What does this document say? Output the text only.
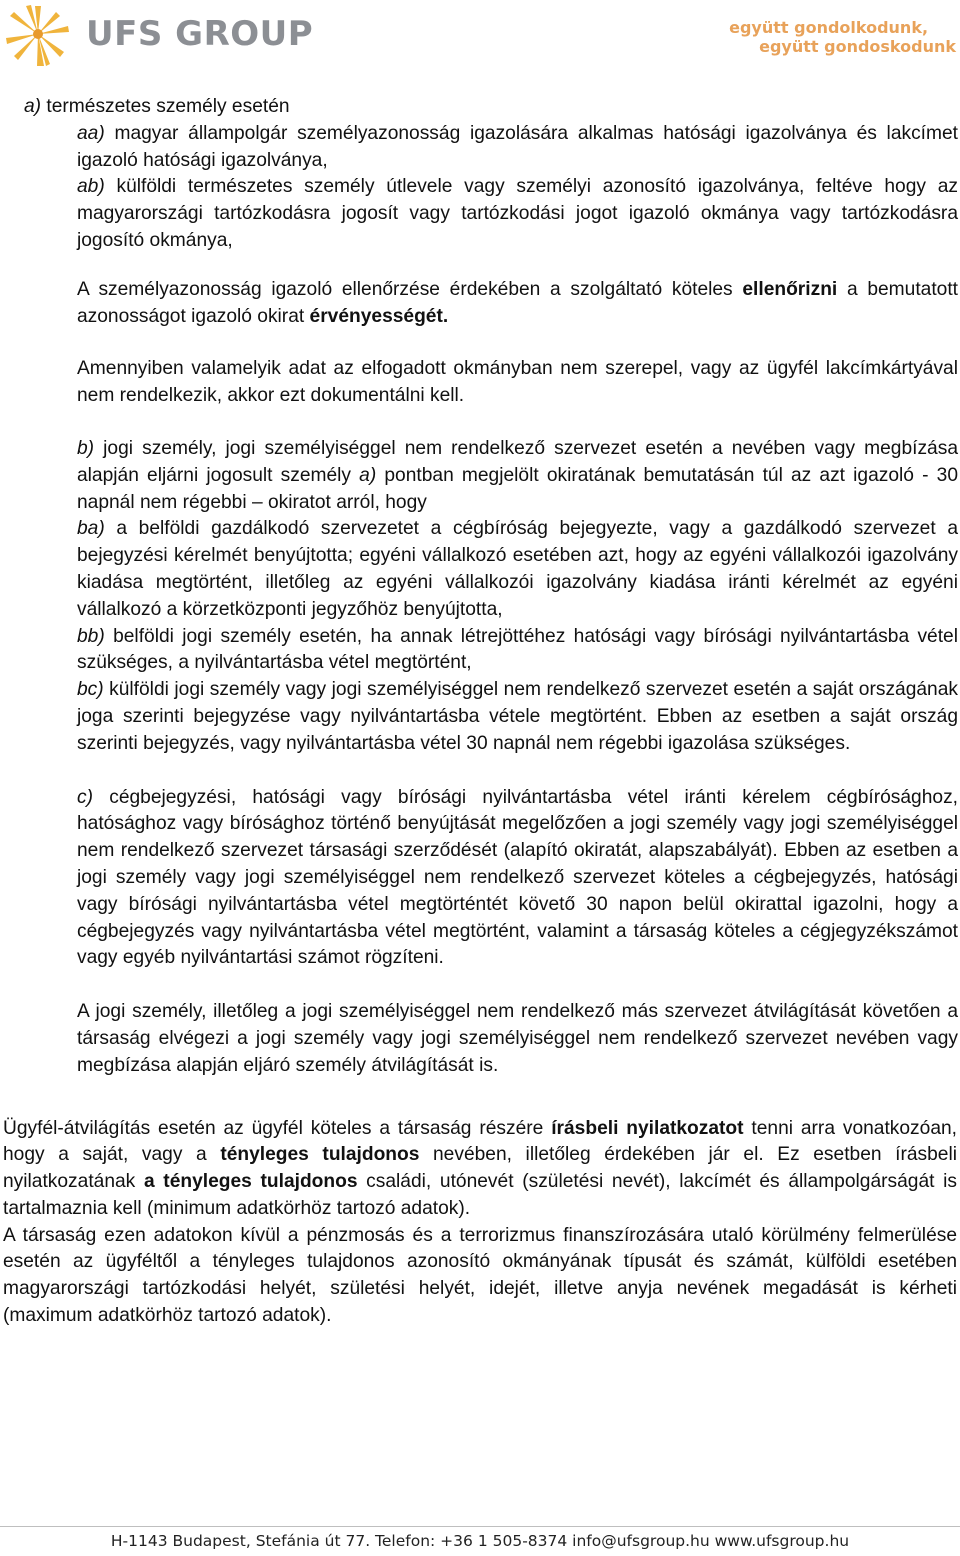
UFS GROUP	együtt gondolkodunk,
együtt gondoskodunk

a) természetes személy esetén

aa) magyar állampolgár személyazonosság igazolására alkalmas hatósági igazolványa és lakcímet igazoló hatósági igazolványa,

ab) külföldi természetes személy útlevele vagy személyi azonosító igazolványa, feltéve hogy az magyarországi tartózkodásra jogosít vagy tartózkodási jogot igazoló okmánya vagy tartózkodásra jogosító okmánya,

A személyazonosság igazoló ellenőrzése érdekében a szolgáltató köteles ellenőrizni a bemutatott azonosságot igazoló okirat érvényességét.

Amennyiben valamelyik adat az elfogadott okmányban nem szerepel, vagy az ügyfél lakcímkártyával nem rendelkezik, akkor ezt dokumentálni kell.

b) jogi személy, jogi személyiséggel nem rendelkező szervezet esetén a nevében vagy megbízása alapján eljárni jogosult személy a) pontban megjelölt okiratának bemutatásán túl az azt igazoló - 30 napnál nem régebbi – okiratot arról, hogy

ba) a belföldi gazdálkodó szervezetet a cégbíróság bejegyezte, vagy a gazdálkodó szervezet a bejegyzési kérelmét benyújtotta; egyéni vállalkozó esetében azt, hogy az egyéni vállalkozói igazolvány kiadása megtörtént, illetőleg az egyéni vállalkozói igazolvány kiadása iránti kérelmét az egyéni vállalkozó a körzetközponti jegyzőhöz benyújtotta,

bb) belföldi jogi személy esetén, ha annak létrejöttéhez hatósági vagy bírósági nyilvántartásba vétel szükséges, a nyilvántartásba vétel megtörtént,

bc) külföldi jogi személy vagy jogi személyiséggel nem rendelkező szervezet esetén a saját országának joga szerinti bejegyzése vagy nyilvántartásba vétele megtörtént. Ebben az esetben a saját ország szerinti bejegyzés, vagy nyilvántartásba vétel 30 napnál nem régebbi igazolása szükséges.

c) cégbejegyzési, hatósági vagy bírósági nyilvántartásba vétel iránti kérelem cégbírósághoz, hatósághoz vagy bírósághoz történő benyújtását megelőzően a jogi személy vagy jogi személyiséggel nem rendelkező szervezet társasági szerződését (alapító okiratát, alapszabályát). Ebben az esetben a jogi személy vagy jogi személyiséggel nem rendelkező szervezet köteles a cégbejegyzés, hatósági vagy bírósági nyilvántartásba vétel megtörténtét követő 30 napon belül okirattal igazolni, hogy a cégbejegyzés vagy nyilvántartásba vétel megtörtént, valamint a társaság köteles a cégjegyzékszámot vagy egyéb nyilvántartási számot rögzíteni.

A jogi személy, illetőleg a jogi személyiséggel nem rendelkező más szervezet átvilágítását követően a társaság elvégezi a jogi személy vagy jogi személyiséggel nem rendelkező szervezet nevében vagy megbízása alapján eljáró személy átvilágítását is.

Ügyfél-átvilágítás esetén az ügyfél köteles a társaság részére írásbeli nyilatkozatot tenni arra vonatkozóan, hogy a saját, vagy a tényleges tulajdonos nevében, illetőleg érdekében jár el. Ez esetben írásbeli nyilatkozatának a tényleges tulajdonos családi, utónevét (születési nevét), lakcímét és állampolgárságát is tartalmaznia kell (minimum adatkörhöz tartozó adatok).

A társaság ezen adatokon kívül a pénzmosás és a terrorizmus finanszírozására utaló körülmény felmerülése esetén az ügyféltől a tényleges tulajdonos azonosító okmányának típusát és számát, külföldi esetében magyarországi tartózkodási helyét, születési helyét, idejét, illetve anyja nevének megadását is kérheti (maximum adatkörhöz tartozó adatok).

H-1143 Budapest, Stefánia út 77. Telefon: +36 1 505-8374 info@ufsgroup.hu www.ufsgroup.hu
